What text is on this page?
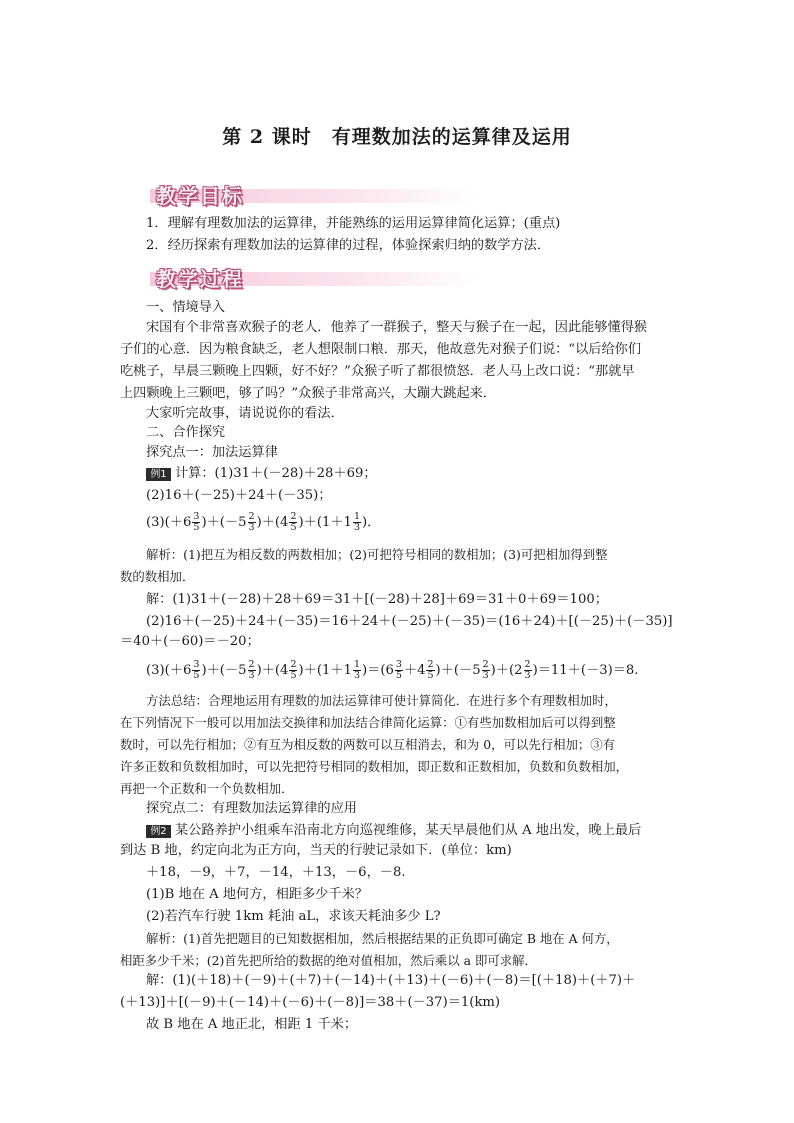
第 2 课时　有理数加法的运算律及运用
教学目标
1．理解有理数加法的运算律，并能熟练的运用运算律简化运算；(重点)
2．经历探索有理数加法的运算律的过程，体验探索归纳的数学方法．
教学过程
一、情境导入
宋国有个非常喜欢猴子的老人．他养了一群猴子，整天与猴子在一起，因此能够懂得猴
子们的心意．因为粮食缺乏，老人想限制口粮．那天，他故意先对猴子们说：“以后给你们
吃桃子，早晨三颗晚上四颗，好不好？”众猴子听了都很愤怒．老人马上改口说：“那就早
上四颗晚上三颗吧，够了吗？”众猴子非常高兴，大蹦大跳起来．
大家听完故事，请说说你的看法．
二、合作探究
探究点一：加法运算律
例1 计算：(1)31＋(－28)＋28＋69；
(2)16＋(－25)＋24＋(－35)；
$(3)(+6 \frac{3}{5} )+(-5 \frac{2}{3} )+(4 \frac{2}{5} )+(1+1 \frac{1}{3}$ )．
解析：(1)把互为相反数的两数相加；(2)可把符号相同的数相加；(3)可把相加得到整
数的数相加．
解：(1)31＋(－28)＋28＋69＝31＋[(－28)＋28]＋69＝31＋0＋69＝100；
(2)16＋(－25)＋24＋(－35)＝16＋24＋(－25)＋(－35)＝(16＋24)＋[(－25)＋(－35)]
＝40＋(－60)＝－20；
$(3)(+6 \frac{3}{5} )+(-5 \frac{2}{3} )+(4 \frac{2}{5} )+(1+1 \frac{1}{3} )=(6 \frac{3}{5} +4 \frac{2}{5} )+(-5 \frac{2}{3} )+(2 \frac{2}{3} )=11+(-3)=8$.
方法总结：合理地运用有理数的加法运算律可使计算简化．在进行多个有理数相加时，
在下列情况下一般可以用加法交换律和加法结合律简化运算：①有些加数相加后可以得到整
数时，可以先行相加；②有互为相反数的两数可以互相消去，和为 0，可以先行相加；③有
许多正数和负数相加时，可以先把符号相同的数相加，即正数和正数相加，负数和负数相加，
再把一个正数和一个负数相加．
探究点二：有理数加法运算律的应用
例2 某公路养护小组乘车沿南北方向巡视维修，某天早晨他们从 A 地出发，晚上最后
到达 B 地，约定向北为正方向，当天的行驶记录如下．(单位：km)
＋18，－9，＋7，－14，＋13，－6，－8.
(1)B 地在 A 地何方，相距多少千米？
(2)若汽车行驶 1km 耗油 aL，求该天耗油多少 L?
解析：(1)首先把题目的已知数据相加，然后根据结果的正负即可确定 B 地在 A 何方，
相距多少千米；(2)首先把所给的数据的绝对值相加，然后乘以 a 即可求解．
解：(1)(＋18)＋(－9)＋(＋7)＋(－14)＋(＋13)＋(－6)＋(－8)＝[(＋18)＋(＋7)＋
(＋13)]＋[(－9)＋(－14)＋(－6)＋(－8)]＝38＋(－37)＝1(km)
故 B 地在 A 地正北，相距 1 千米；
